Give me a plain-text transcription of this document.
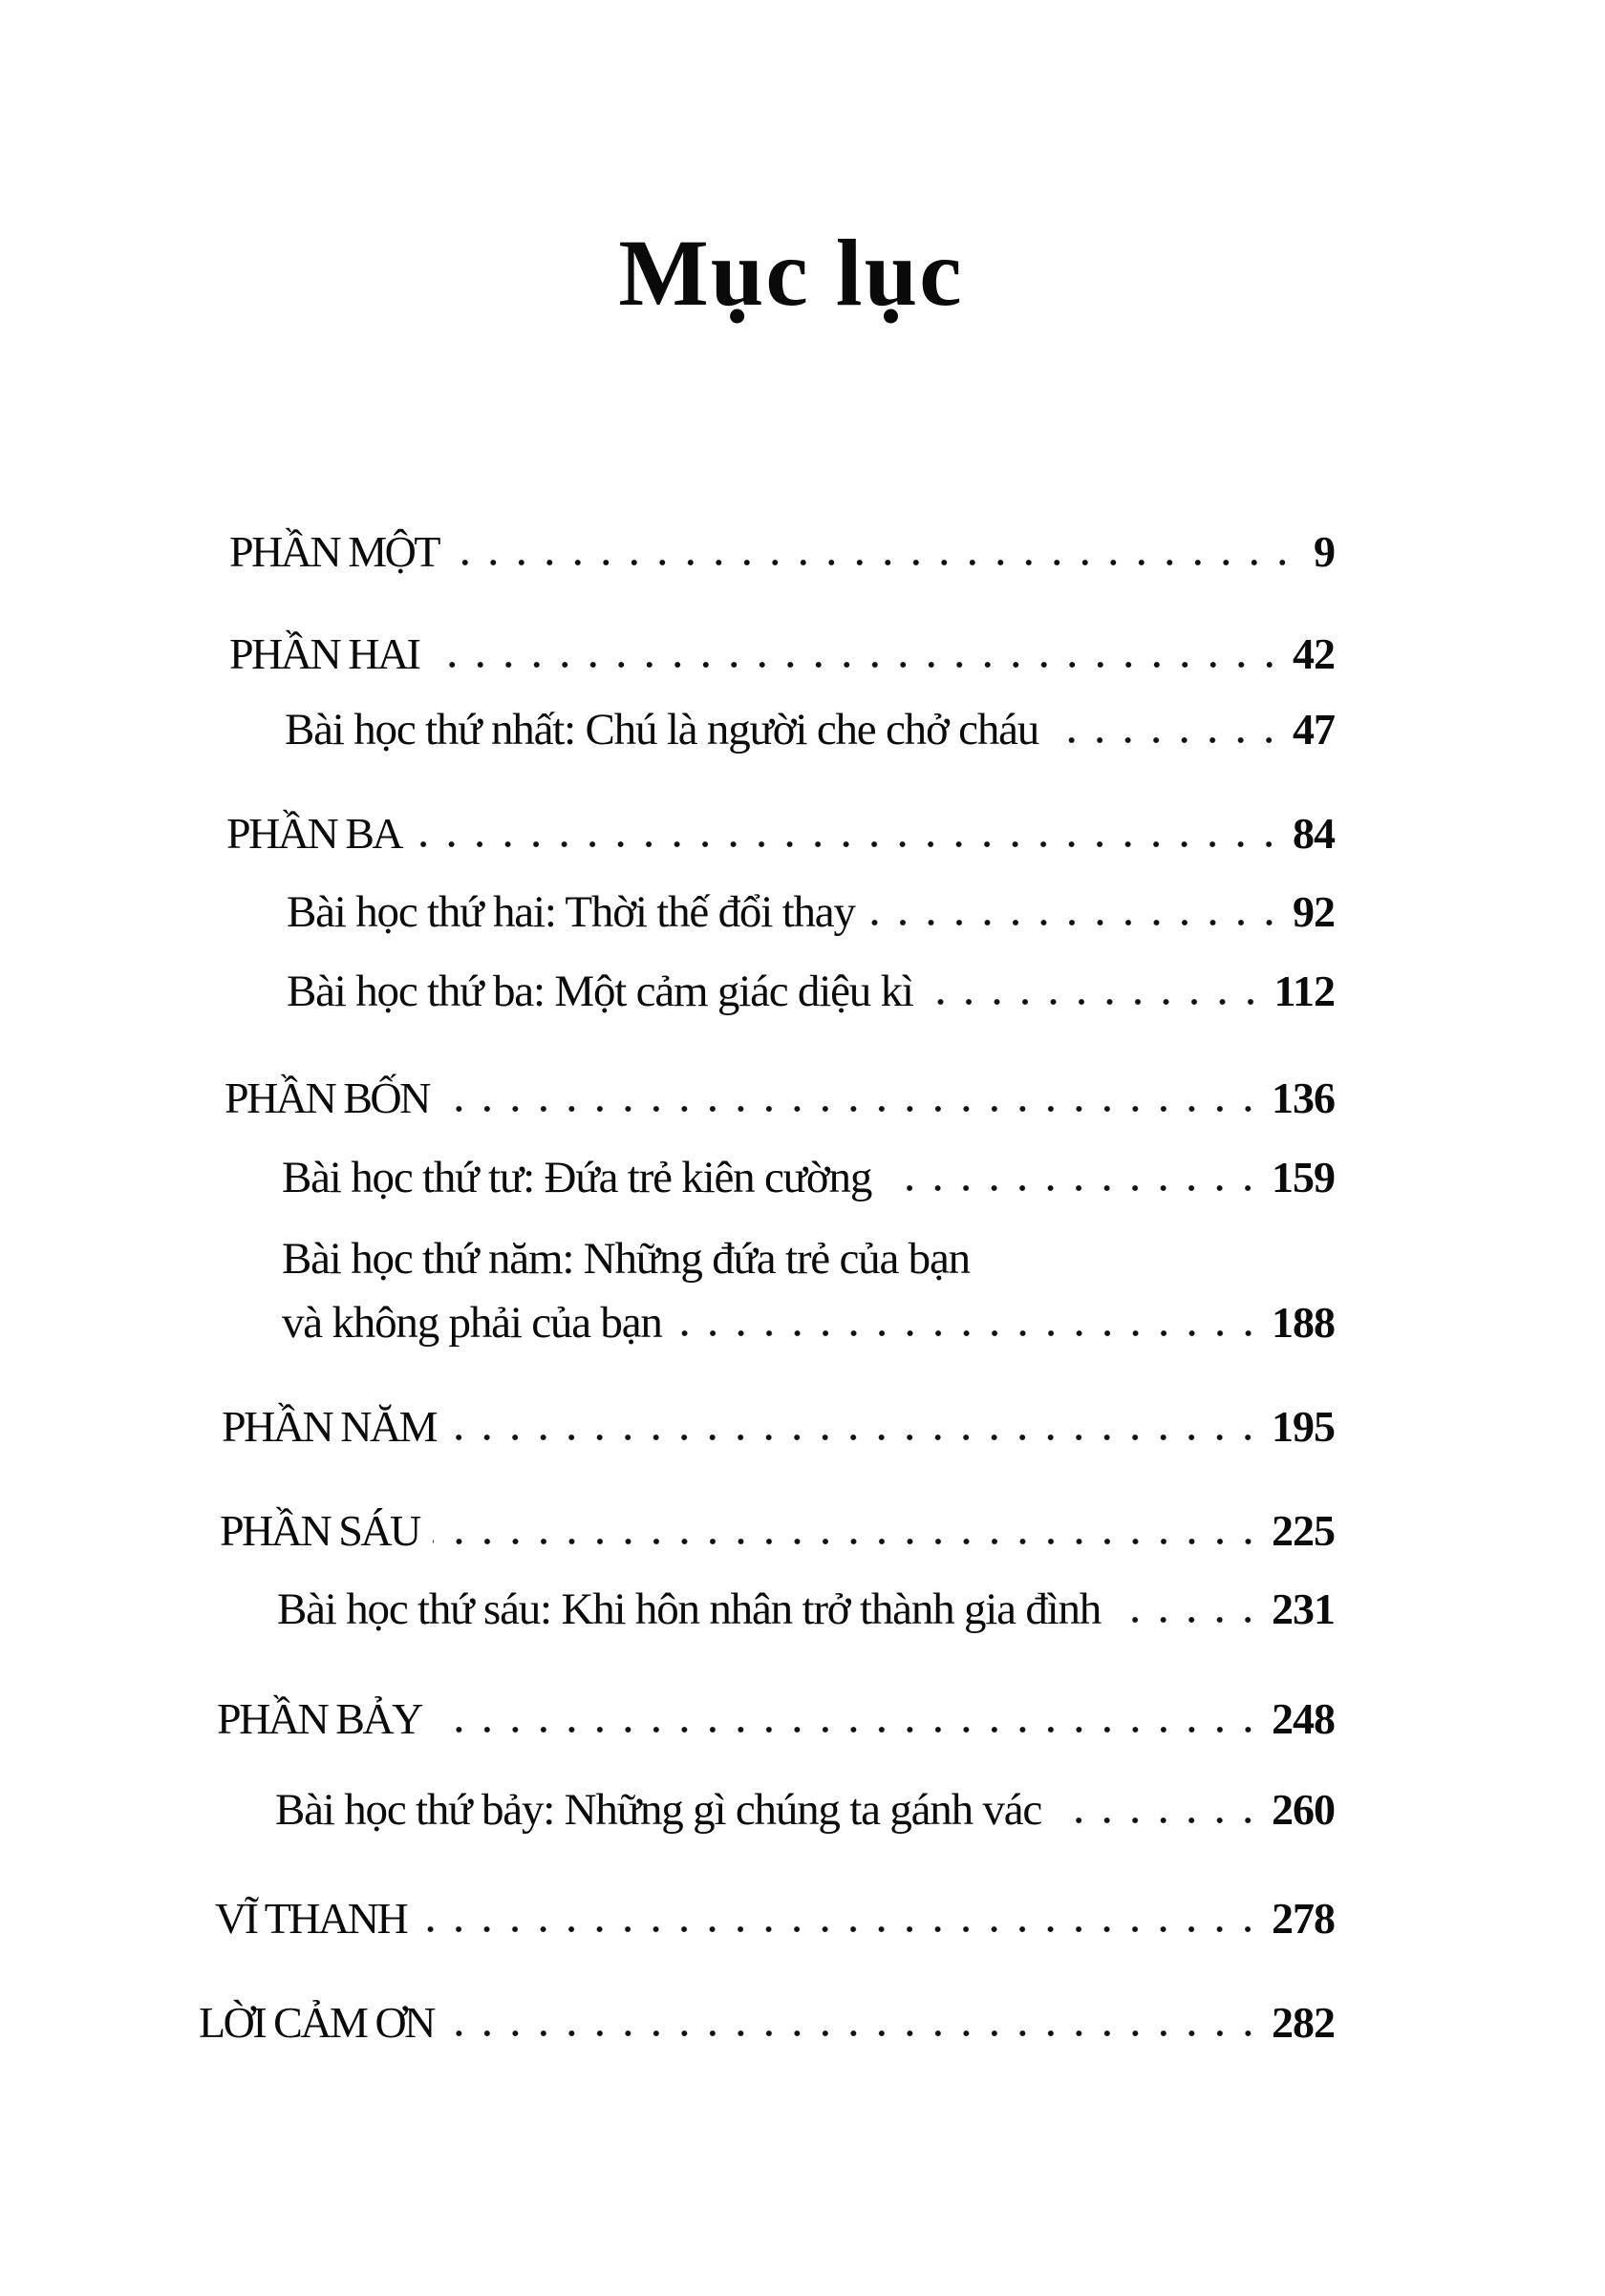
Mục lục
PHẦN MỘT	9
PHẦN HAI	42
Bài học thứ nhất: Chú là người che chở cháu	47
PHẦN BA	84
Bài học thứ hai: Thời thế đổi thay	92
Bài học thứ ba: Một cảm giác diệu kì	112
PHẦN BỐN	136
Bài học thứ tư: Đứa trẻ kiên cường	159
Bài học thứ năm: Những đứa trẻ của bạn
và không phải của bạn	188
PHẦN NĂM	195
PHẦN SÁU	225
Bài học thứ sáu: Khi hôn nhân trở thành gia đình	231
PHẦN BẢY	248
Bài học thứ bảy: Những gì chúng ta gánh vác	260
VĨ THANH	278
LỜI CẢM ƠN	282
